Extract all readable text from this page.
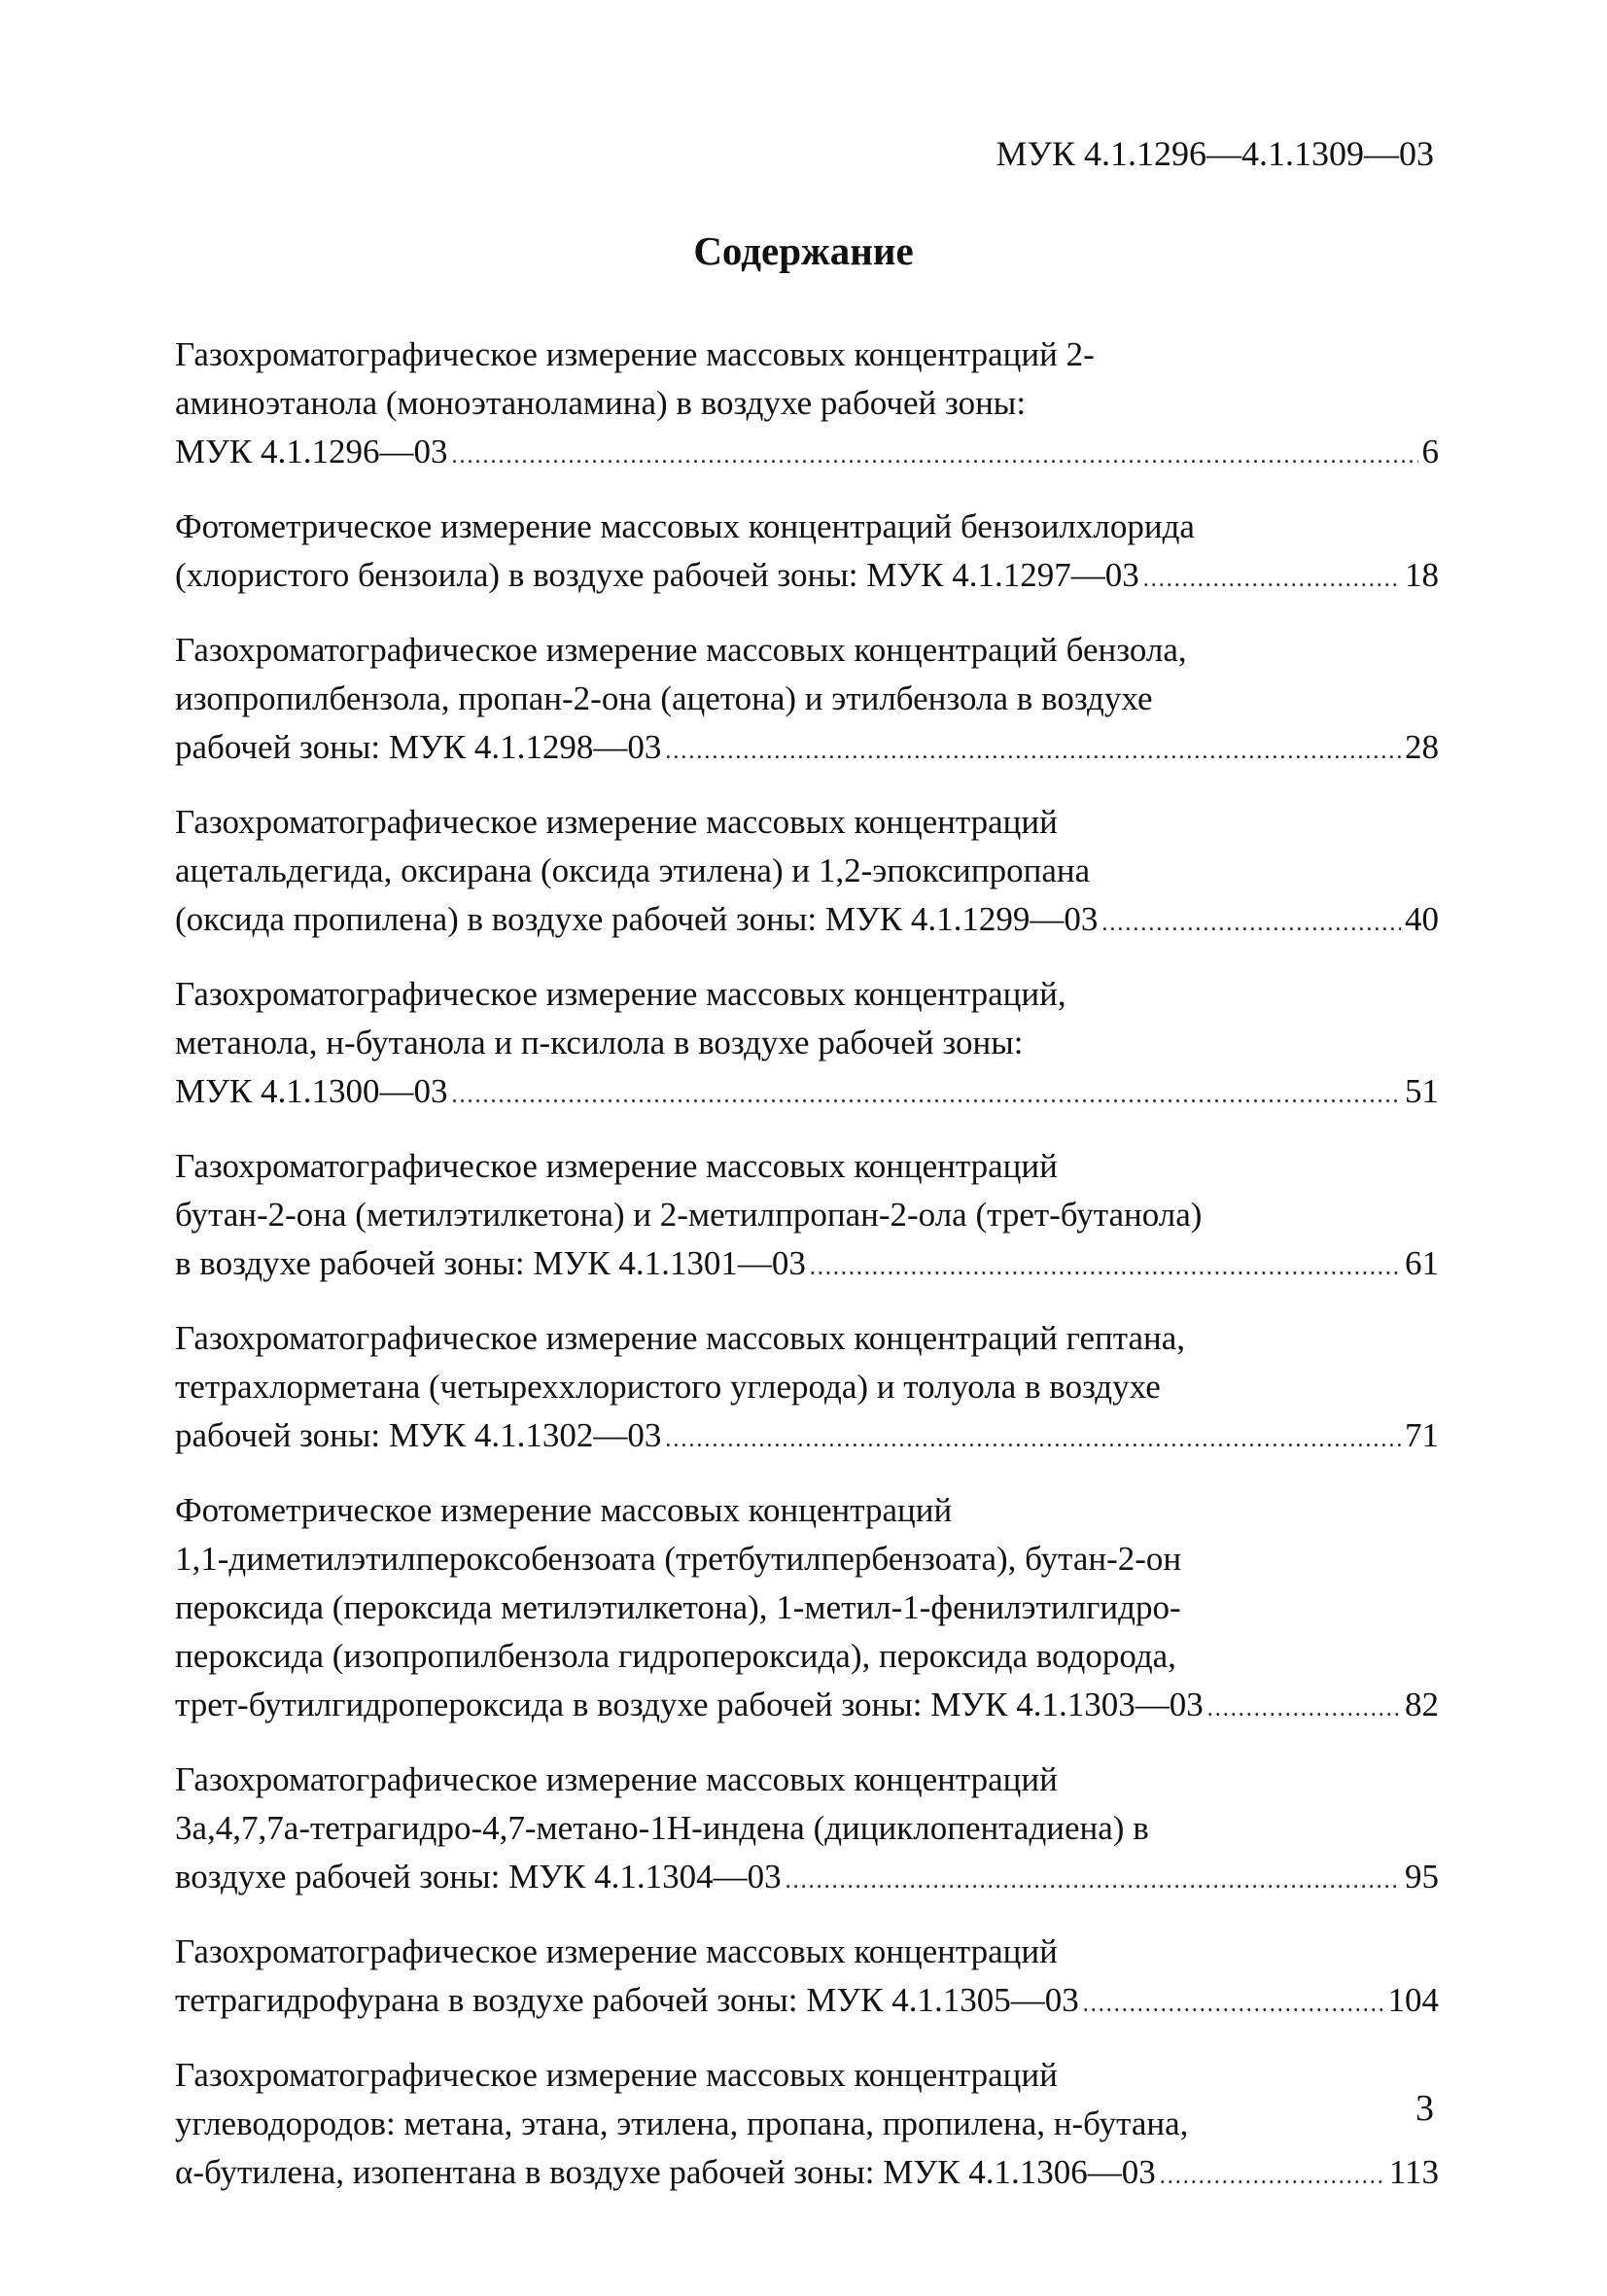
МУК 4.1.1296—4.1.1309—03
Содержание
Газохроматографическое измерение массовых концентраций 2-
аминоэтанола (моноэтаноламина) в воздухе рабочей зоны:
МУК 4.1.1296—03 .....	6
Фотометрическое измерение массовых концентраций бензоилхлорида
(хлористого бензоила) в воздухе рабочей зоны: МУК 4.1.1297—03 .....	18
Газохроматографическое измерение массовых концентраций бензола,
изопропилбензола, пропан-2-она (ацетона) и этилбензола в воздухе
рабочей зоны: МУК 4.1.1298—03 .....	28
Газохроматографическое измерение массовых концентраций
ацетальдегида, оксирана (оксида этилена) и 1,2-эпоксипропана
(оксида пропилена) в воздухе рабочей зоны: МУК 4.1.1299—03 .....	40
Газохроматографическое измерение массовых концентраций,
метанола, н-бутанола и п-ксилола в воздухе рабочей зоны:
МУК 4.1.1300—03 .....	51
Газохроматографическое измерение массовых концентраций
бутан-2-она (метилэтилкетона) и 2-метилпропан-2-ола (трет-бутанола)
в воздухе рабочей зоны: МУК 4.1.1301—03 .....	61
Газохроматографическое измерение массовых концентраций гептана,
тетрахлорметана (четыреххлористого углерода) и толуола в воздухе
рабочей зоны: МУК 4.1.1302—03 .....	71
Фотометрическое измерение массовых концентраций
1,1-диметилэтилпероксобензоата (третбутилпербензоата), бутан-2-он
пероксида (пероксида метилэтилкетона), 1-метил-1-фенилэтилгидро-
пероксида (изопропилбензола гидропероксида), пероксида водорода,
трет-бутилгидропероксида в воздухе рабочей зоны: МУК 4.1.1303—03 .....	82
Газохроматографическое измерение массовых концентраций
3а,4,7,7а-тетрагидро-4,7-метано-1Н-индена (дициклопентадиена) в
воздухе рабочей зоны: МУК 4.1.1304—03 .....	95
Газохроматографическое измерение массовых концентраций
тетрагидрофурана в воздухе рабочей зоны: МУК 4.1.1305—03 .....	104
Газохроматографическое измерение массовых концентраций
углеводородов: метана, этана, этилена, пропана, пропилена, н-бутана,
α-бутилена, изопентана в воздухе рабочей зоны: МУК 4.1.1306—03 .....	113
3
